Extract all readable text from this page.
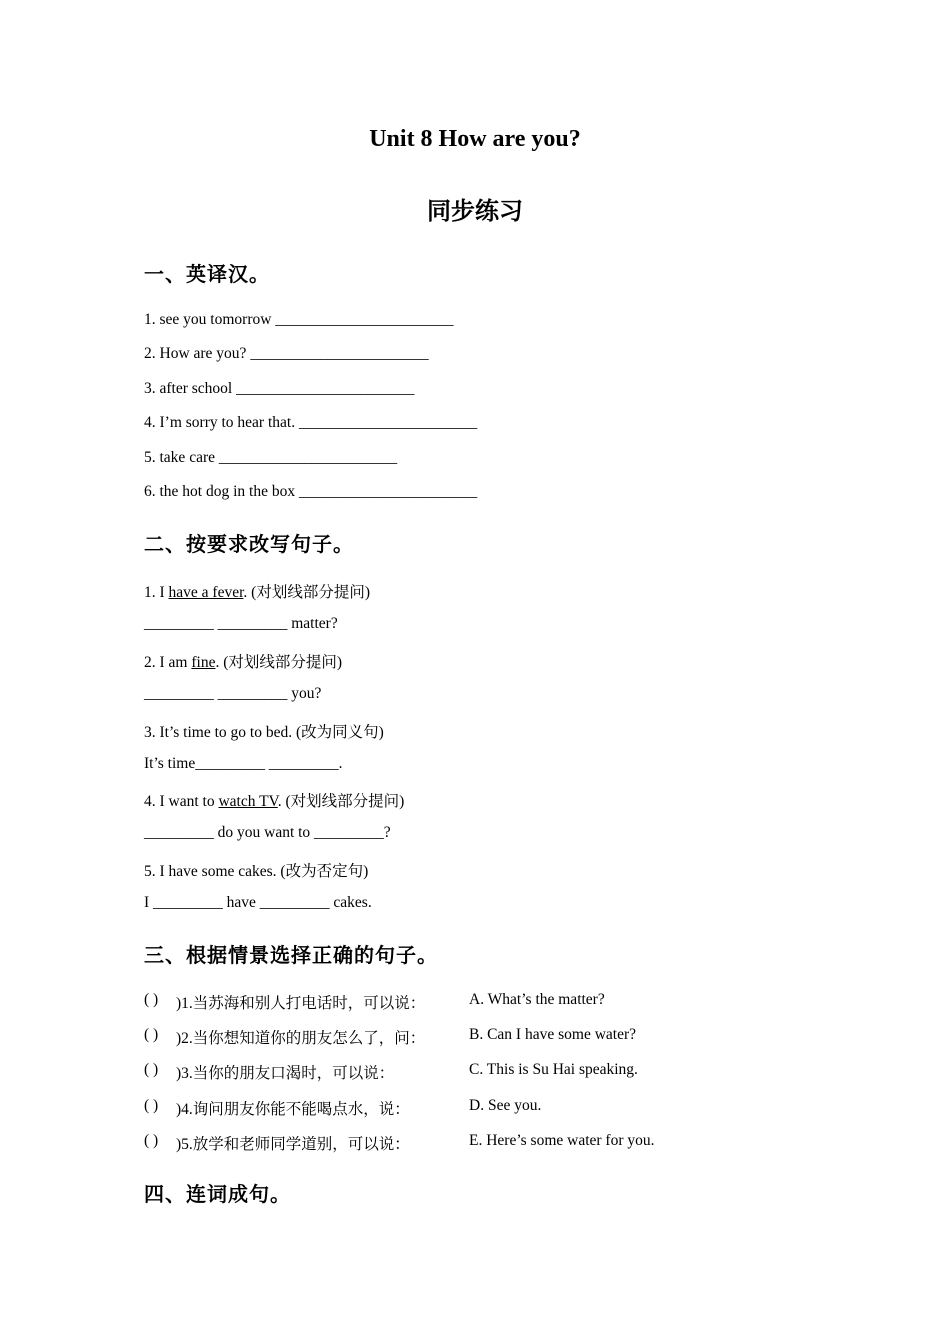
Unit 8 How are you?
同步练习
一、英译汉。
1. see you tomorrow _______________________
2. How are you? _______________________
3. after school _______________________
4. I’m sorry to hear that. _______________________
5. take care _______________________
6. the hot dog in the box _______________________
二、按要求改写句子。
1. I have a fever. (对划线部分提问)
_________ _________ matter?
2. I am fine. (对划线部分提问)
_________ _________ you?
3. It’s time to go to bed. (改为同义句)
It’s time_________ _________.
4. I want to watch TV. (对划线部分提问)
_________ do you want to _________?
5. I have some cakes. (改为否定句)
I _________ have _________ cakes.
三、根据情景选择正确的句子。
( ) )1.当苏海和别人打电话时，可以说：	A. What’s the matter?
( ) )2.当你想知道你的朋友怎么了，问：	B. Can I have some water?
( ) )3.当你的朋友口渴时，可以说：	C. This is Su Hai speaking.
( ) )4.询问朋友你能不能喝点水，说：	D. See you.
( ) )5.放学和老师同学道别，可以说：	E. Here’s some water for you.
四、连词成句。
